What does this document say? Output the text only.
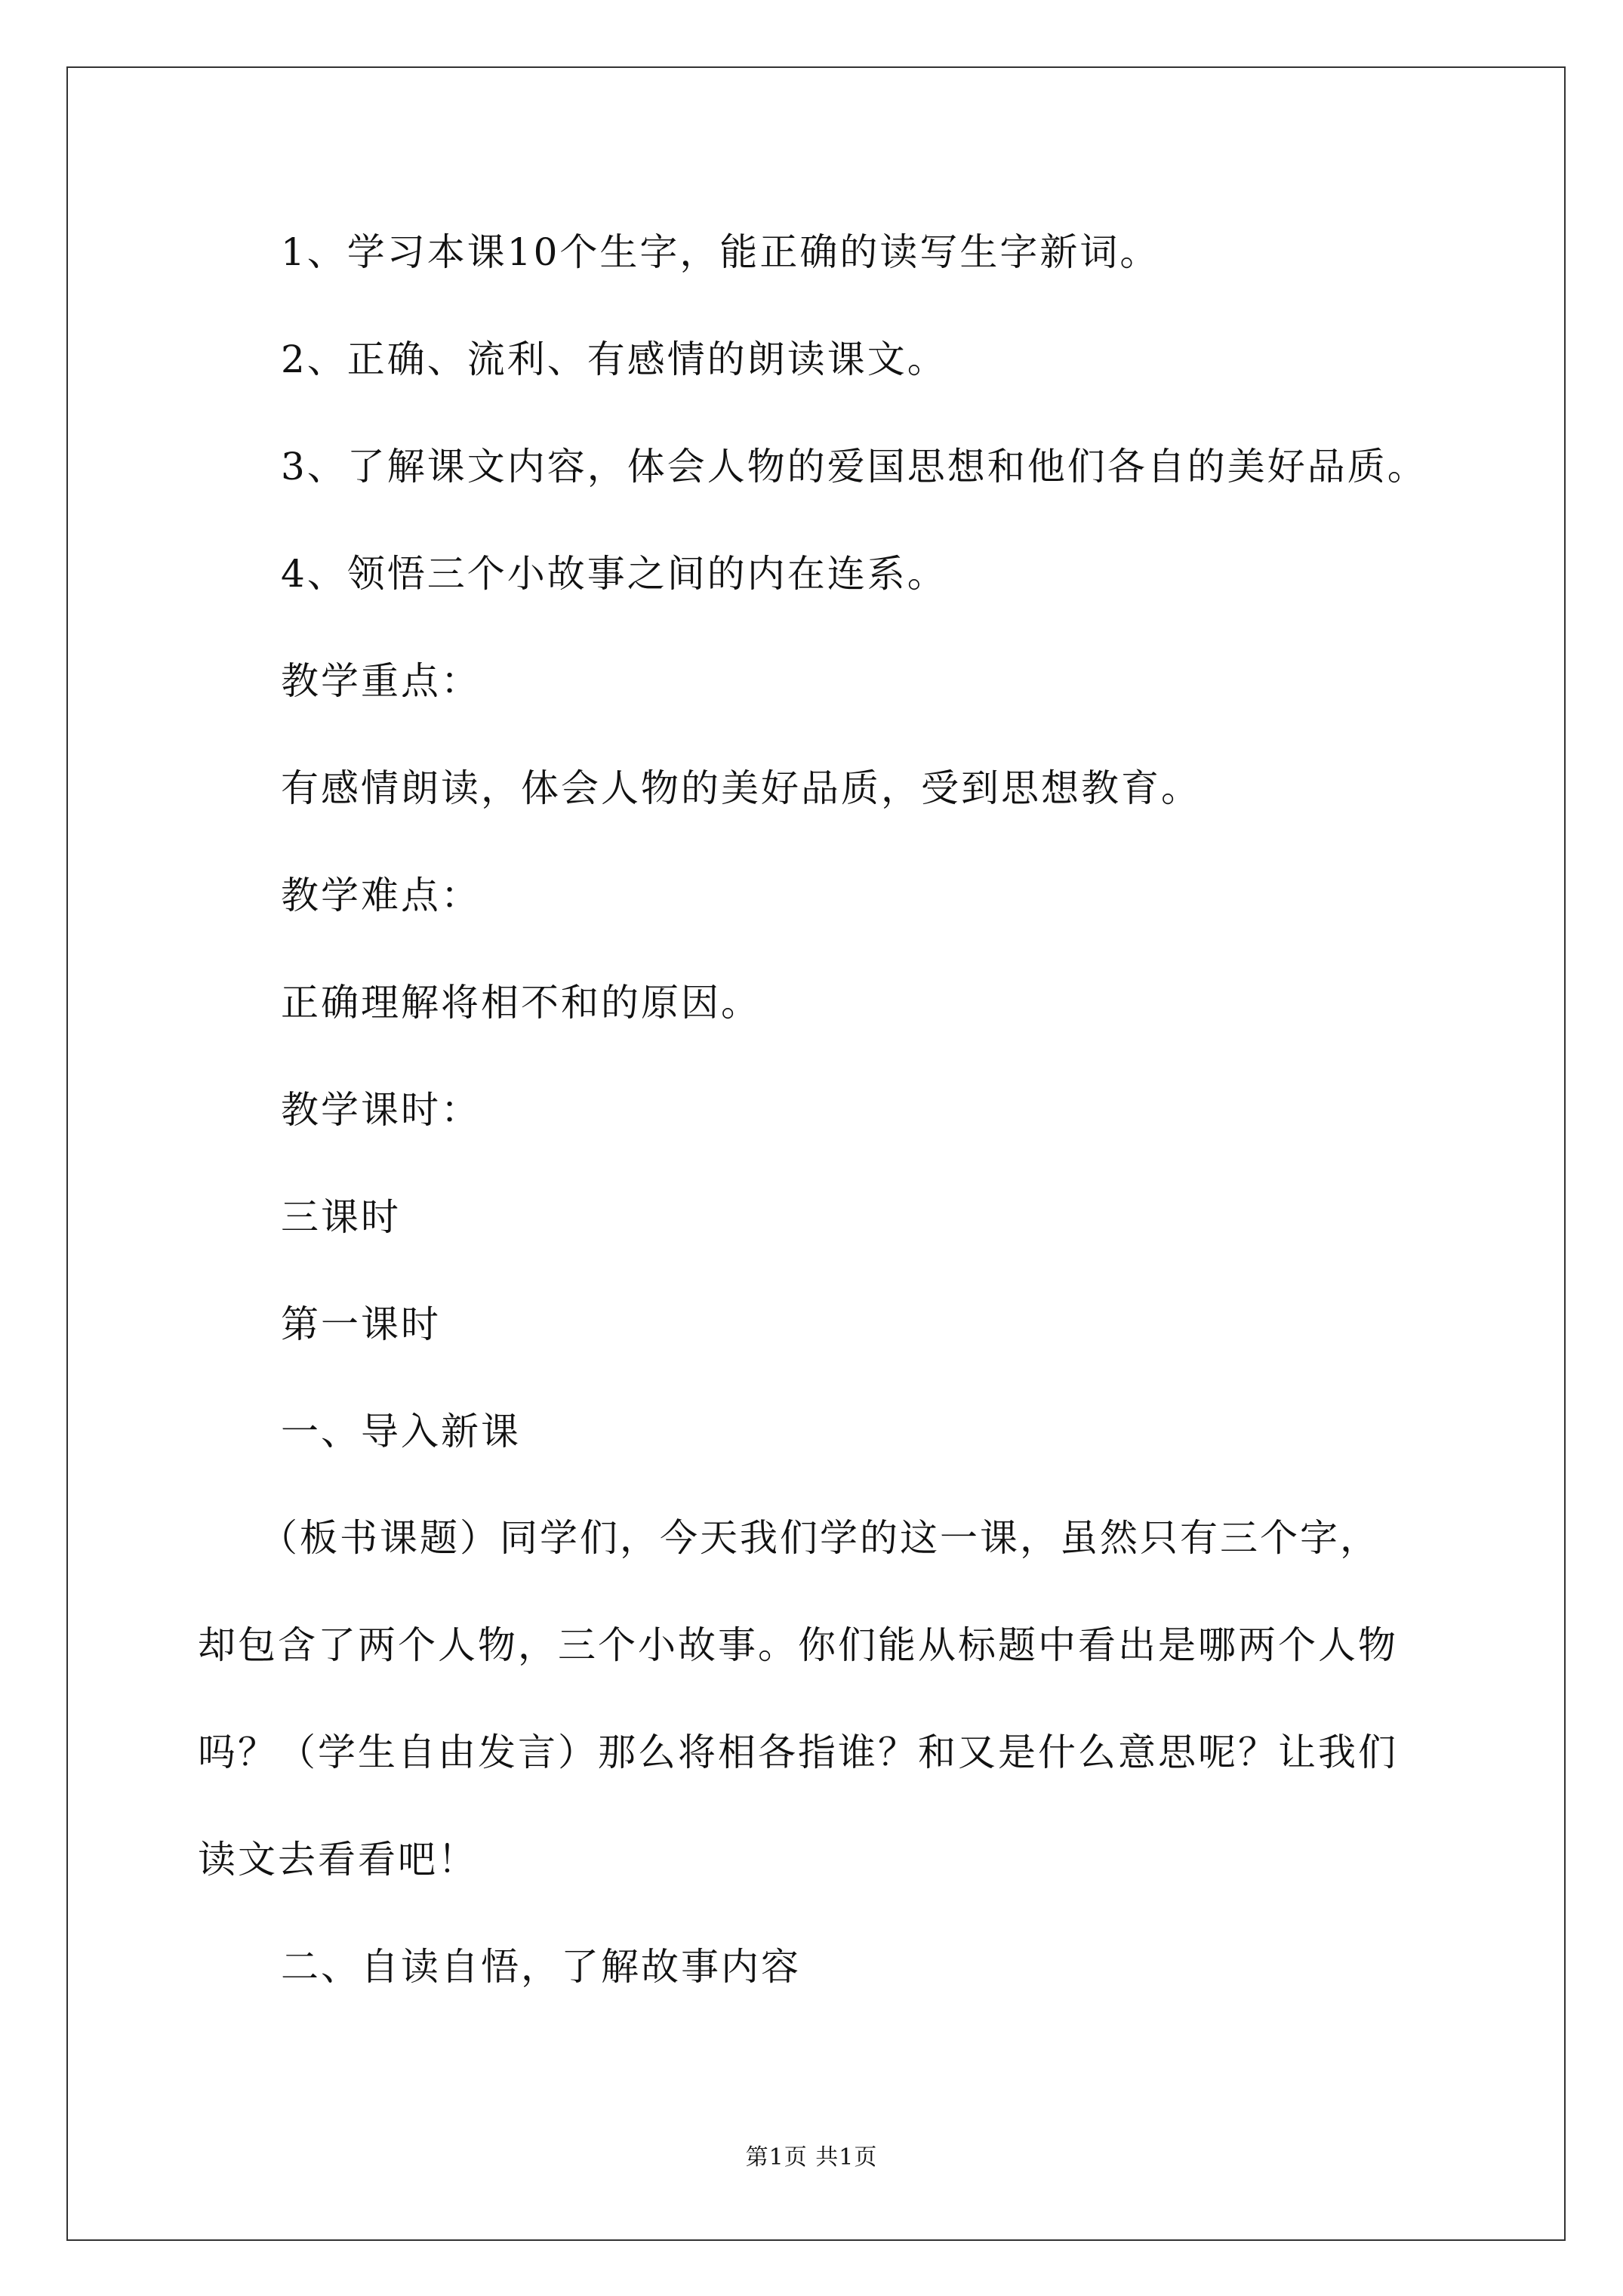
1、学习本课10个生字，能正确的读写生字新词。
2、正确、流利、有感情的朗读课文。
3、了解课文内容，体会人物的爱国思想和他们各自的美好品质。
4、领悟三个小故事之间的内在连系。
教学重点：
有感情朗读，体会人物的美好品质，受到思想教育。
教学难点：
正确理解将相不和的原因。
教学课时：
三课时
第一课时
一、导入新课
（板书课题）同学们，今天我们学的这一课，虽然只有三个字，
却包含了两个人物，三个小故事。你们能从标题中看出是哪两个人物
吗？（学生自由发言）那么将相各指谁？和又是什么意思呢？让我们
读文去看看吧！
二、自读自悟，了解故事内容
第1页 共1页
